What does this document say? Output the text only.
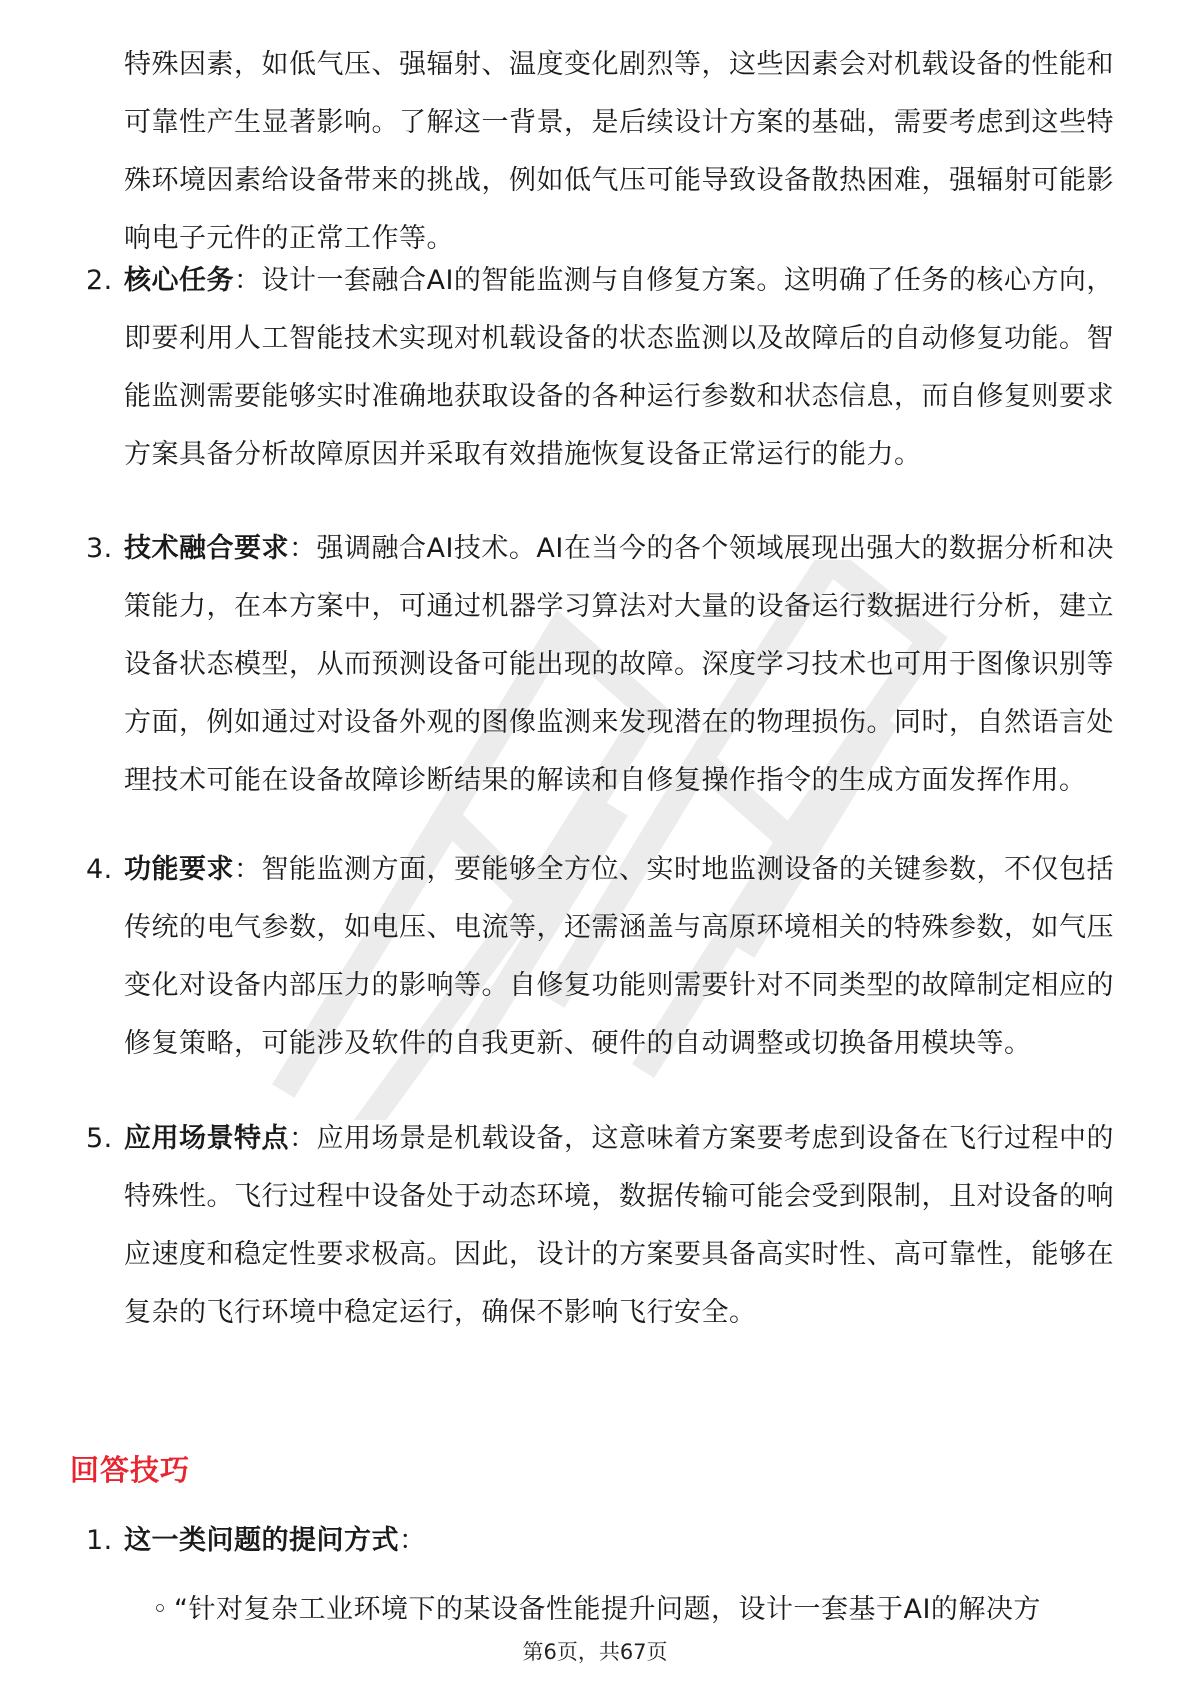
特殊因素，如低气压、强辐射、温度变化剧烈等，这些因素会对机载设备的性能和可靠性产生显著影响。了解这一背景，是后续设计方案的基础，需要考虑到这些特殊环境因素给设备带来的挑战，例如低气压可能导致设备散热困难，强辐射可能影响电子元件的正常工作等。

2. 核心任务：设计一套融合AI的智能监测与自修复方案。这明确了任务的核心方向，即要利用人工智能技术实现对机载设备的状态监测以及故障后的自动修复功能。智能监测需要能够实时准确地获取设备的各种运行参数和状态信息，而自修复则要求方案具备分析故障原因并采取有效措施恢复设备正常运行的能力。
3. 技术融合要求：强调融合AI技术。AI在当今的各个领域展现出强大的数据分析和决策能力，在本方案中，可通过机器学习算法对大量的设备运行数据进行分析，建立设备状态模型，从而预测设备可能出现的故障。深度学习技术也可用于图像识别等方面，例如通过对设备外观的图像监测来发现潜在的物理损伤。同时，自然语言处理技术可能在设备故障诊断结果的解读和自修复操作指令的生成方面发挥作用。
4. 功能要求：智能监测方面，要能够全方位、实时地监测设备的关键参数，不仅包括传统的电气参数，如电压、电流等，还需涵盖与高原环境相关的特殊参数，如气压变化对设备内部压力的影响等。自修复功能则需要针对不同类型的故障制定相应的修复策略，可能涉及软件的自我更新、硬件的自动调整或切换备用模块等。
5. 应用场景特点：应用场景是机载设备，这意味着方案要考虑到设备在飞行过程中的特殊性。飞行过程中设备处于动态环境，数据传输可能会受到限制，且对设备的响应速度和稳定性要求极高。因此，设计的方案要具备高实时性、高可靠性，能够在复杂的飞行环境中稳定运行，确保不影响飞行安全。
回答技巧
1. 这一类问题的提问方式：
◦ “针对复杂工业环境下的某设备性能提升问题，设计一套基于AI的解决方
第6页，共67页
